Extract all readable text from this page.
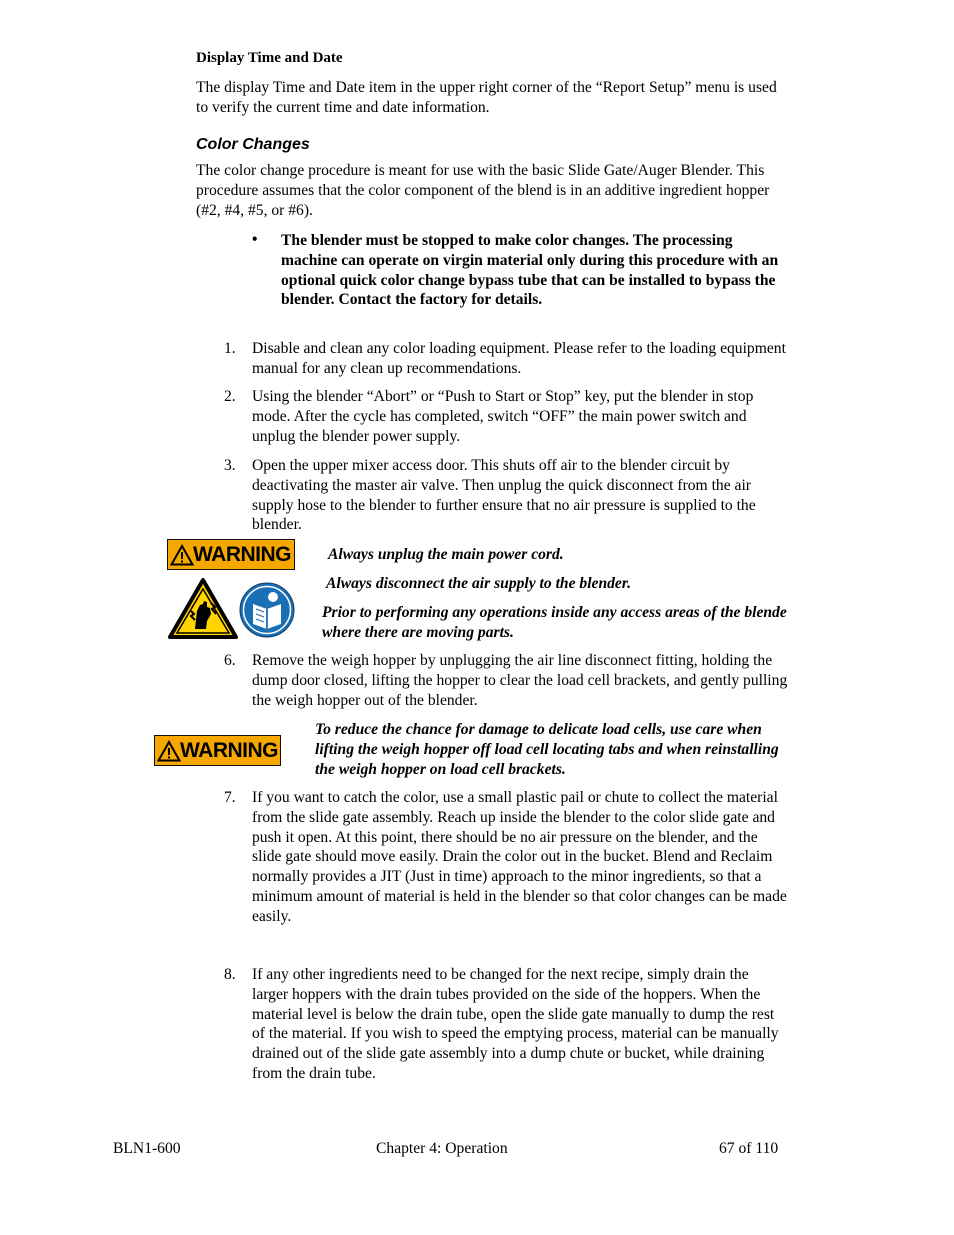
Display Time and Date
The display Time and Date item in the upper right corner of the “Report Setup” menu is used
to verify the current time and date information.
Color Changes
The color change procedure is meant for use with the basic Slide Gate/Auger Blender. This
procedure assumes that the color component of the blend is in an additive ingredient hopper
(#2, #4, #5, or #6).
• The blender must be stopped to make color changes. The processing
machine can operate on virgin material only during this procedure with an
optional quick color change bypass tube that can be installed to bypass the
blender. Contact the factory for details.
1.	Disable and clean any color loading equipment. Please refer to the loading equipment
manual for any clean up recommendations.
2.	Using the blender “Abort” or “Push to Start or Stop” key, put the blender in stop
mode. After the cycle has completed, switch “OFF” the main power switch and
unplug the blender power supply.
3.	Open the upper mixer access door. This shuts off air to the blender circuit by
deactivating the master air valve. Then unplug the quick disconnect from the air
supply hose to the blender to further ensure that no air pressure is supplied to the
blender.
WARNING Always unplug the main power cord.
Always disconnect the air supply to the blender.
Prior to performing any operations inside any access areas of the blende
where there are moving parts.
6.	Remove the weigh hopper by unplugging the air line disconnect fitting, holding the
dump door closed, lifting the hopper to clear the load cell brackets, and gently pulling
the weigh hopper out of the blender.
WARNING
To reduce the chance for damage to delicate load cells, use care when
lifting the weigh hopper off load cell locating tabs and when reinstalling
the weigh hopper on load cell brackets.
7.	If you want to catch the color, use a small plastic pail or chute to collect the material
from the slide gate assembly. Reach up inside the blender to the color slide gate and
push it open. At this point, there should be no air pressure on the blender, and the
slide gate should move easily. Drain the color out in the bucket. Blend and Reclaim
normally provides a JIT (Just in time) approach to the minor ingredients, so that a
minimum amount of material is held in the blender so that color changes can be made
easily.
8.	If any other ingredients need to be changed for the next recipe, simply drain the
larger hoppers with the drain tubes provided on the side of the hoppers. When the
material level is below the drain tube, open the slide gate manually to dump the rest
of the material. If you wish to speed the emptying process, material can be manually
drained out of the slide gate assembly into a dump chute or bucket, while draining
from the drain tube.
BLN1-600	Chapter 4: Operation	67 of 110
